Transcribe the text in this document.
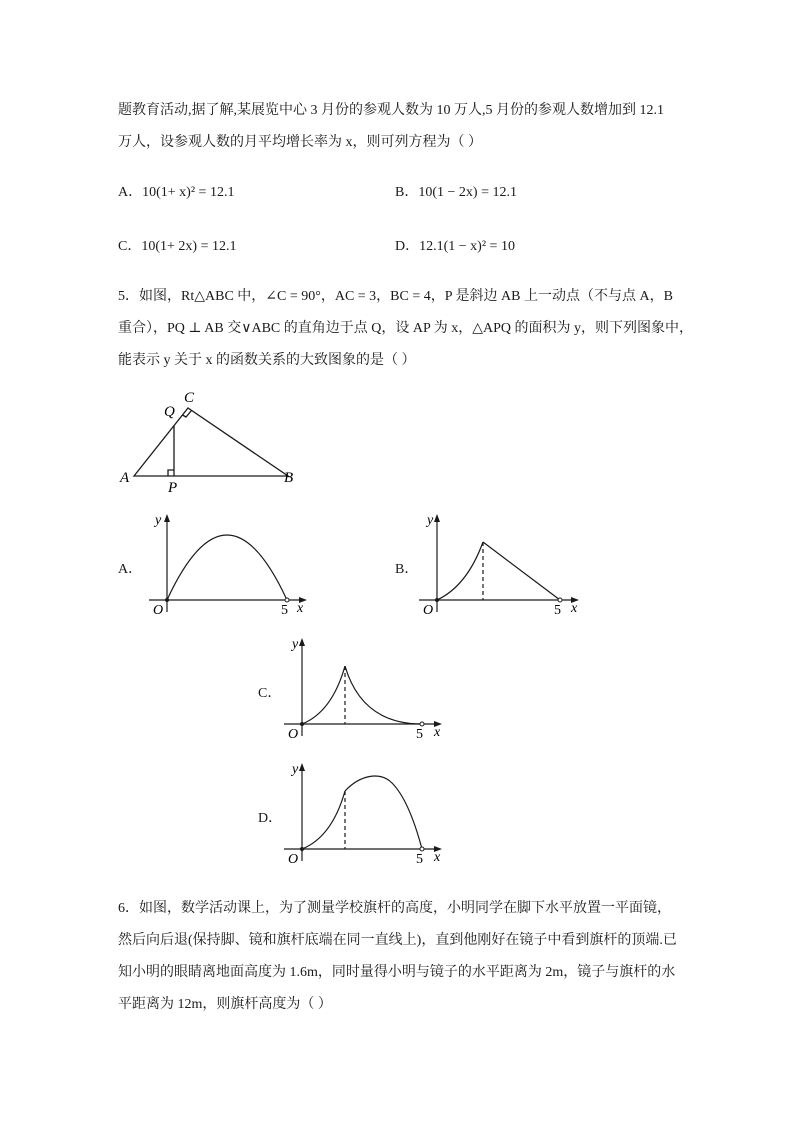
题教育活动,据了解,某展览中心 3 月份的参观人数为 10 万人,5 月份的参观人数增加到 12.1
万人，设参观人数的月平均增长率为 x，则可列方程为（ ）
A．10(1+ x)² = 12.1	B．10(1 − 2x) = 12.1
C．10(1+ 2x) = 12.1	D．12.1(1 − x)² = 10
5．如图，Rt△ABC 中，∠C = 90°，AC = 3，BC = 4，P 是斜边 AB 上一动点（不与点 A，B
重合），PQ ⊥ AB 交∨ABC 的直角边于点 Q，设 AP 为 x，△APQ 的面积为 y，则下列图象中，
能表示 y 关于 x 的函数关系的大致图象的是（ ）
C
Q
A
P
B
A．
y
x
O	5
B．
y
x
O	5
C．
y
x
O	5
D．
y
x
O	5
6．如图，数学活动课上，为了测量学校旗杆的高度，小明同学在脚下水平放置一平面镜，
然后向后退(保持脚、镜和旗杆底端在同一直线上)，直到他刚好在镜子中看到旗杆的顶端.已
知小明的眼睛离地面高度为 1.6m，同时量得小明与镜子的水平距离为 2m，镜子与旗杆的水
平距离为 12m，则旗杆高度为（ ）
